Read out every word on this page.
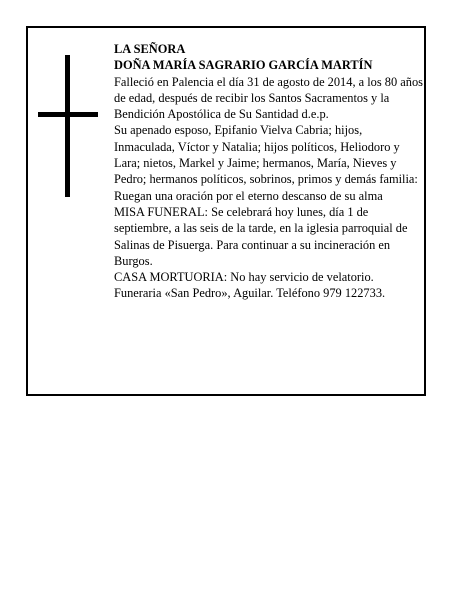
LA SEÑORA

DOÑA MARÍA SAGRARIO GARCÍA MARTÍN

Falleció en Palencia el día 31 de agosto de 2014, a los 80 años de edad, después de recibir los Santos Sacramentos y la Bendición Apostólica de Su Santidad d.e.p.

Su apenado esposo, Epifanio Vielva Cabria; hijos, Inmaculada, Víctor y Natalia; hijos políticos, Heliodoro y Lara; nietos, Markel y Jaime; hermanos, María, Nieves y Pedro; hermanos políticos, sobrinos, primos y demás familia:

Ruegan una oración por el eterno descanso de su alma

MISA FUNERAL: Se celebrará hoy lunes, día 1 de septiembre, a las seis de la tarde, en la iglesia parroquial de Salinas de Pisuerga. Para continuar a su incineración en Burgos.

CASA MORTUORIA: No hay servicio de velatorio.

Funeraria «San Pedro», Aguilar. Teléfono 979 122733.
